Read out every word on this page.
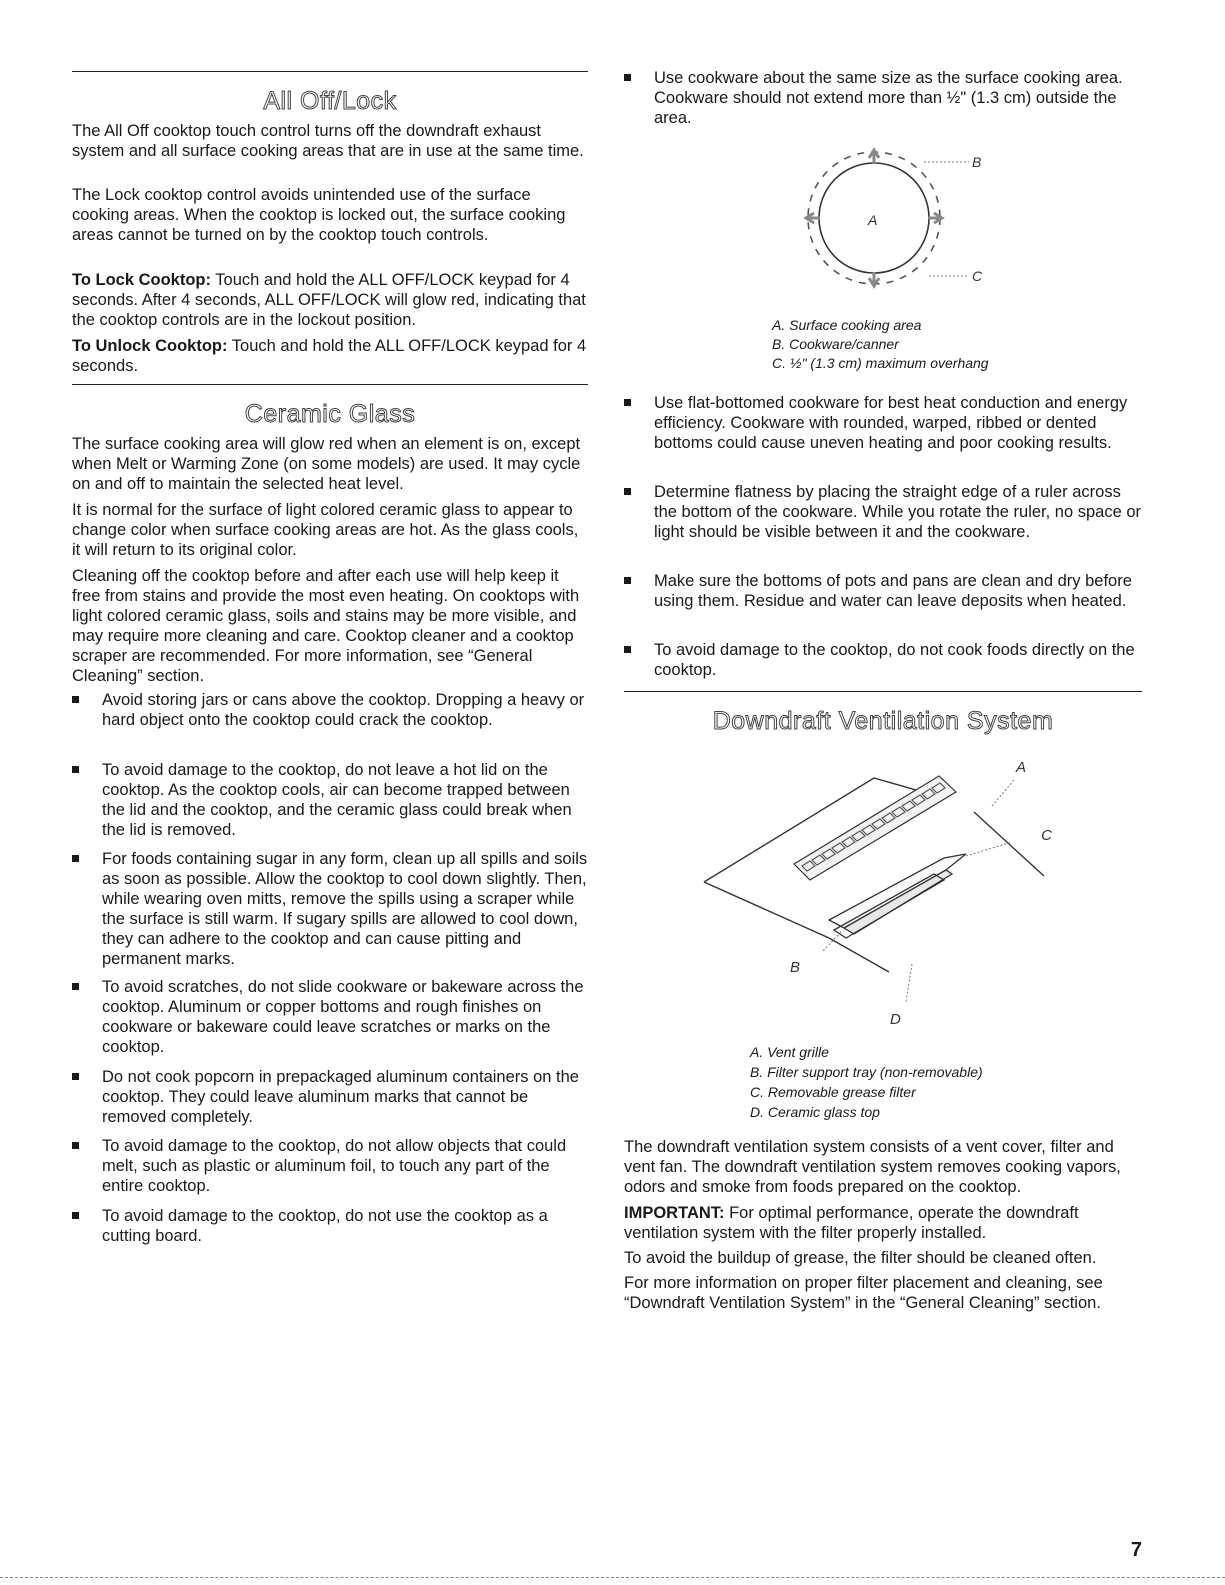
All Off/Lock

The All Off cooktop touch control turns off the downdraft exhaust system and all surface cooking areas that are in use at the same time.

The Lock cooktop control avoids unintended use of the surface cooking areas. When the cooktop is locked out, the surface cooking areas cannot be turned on by the cooktop touch controls.

To Lock Cooktop: Touch and hold the ALL OFF/LOCK keypad for 4 seconds. After 4 seconds, ALL OFF/LOCK will glow red, indicating that the cooktop controls are in the lockout position.

To Unlock Cooktop: Touch and hold the ALL OFF/LOCK keypad for 4 seconds.

Ceramic Glass

The surface cooking area will glow red when an element is on, except when Melt or Warming Zone (on some models) are used. It may cycle on and off to maintain the selected heat level.

It is normal for the surface of light colored ceramic glass to appear to change color when surface cooking areas are hot. As the glass cools, it will return to its original color.

Cleaning off the cooktop before and after each use will help keep it free from stains and provide the most even heating. On cooktops with light colored ceramic glass, soils and stains may be more visible, and may require more cleaning and care. Cooktop cleaner and a cooktop scraper are recommended. For more information, see “General Cleaning” section.

Avoid storing jars or cans above the cooktop. Dropping a heavy or hard object onto the cooktop could crack the cooktop.
To avoid damage to the cooktop, do not leave a hot lid on the cooktop. As the cooktop cools, air can become trapped between the lid and the cooktop, and the ceramic glass could break when the lid is removed.
For foods containing sugar in any form, clean up all spills and soils as soon as possible. Allow the cooktop to cool down slightly. Then, while wearing oven mitts, remove the spills using a scraper while the surface is still warm. If sugary spills are allowed to cool down, they can adhere to the cooktop and can cause pitting and permanent marks.
To avoid scratches, do not slide cookware or bakeware across the cooktop. Aluminum or copper bottoms and rough finishes on cookware or bakeware could leave scratches or marks on the cooktop.
Do not cook popcorn in prepackaged aluminum containers on the cooktop. They could leave aluminum marks that cannot be removed completely.
To avoid damage to the cooktop, do not allow objects that could melt, such as plastic or aluminum foil, to touch any part of the entire cooktop.
To avoid damage to the cooktop, do not use the cooktop as a cutting board.
Use cookware about the same size as the surface cooking area. Cookware should not extend more than ½" (1.3 cm) outside the area.
A
B
C
A. Surface cooking area
B. Cookware/canner
C. ½" (1.3 cm) maximum overhang
Use flat-bottomed cookware for best heat conduction and energy efficiency. Cookware with rounded, warped, ribbed or dented bottoms could cause uneven heating and poor cooking results.
Determine flatness by placing the straight edge of a ruler across the bottom of the cookware. While you rotate the ruler, no space or light should be visible between it and the cookware.
Make sure the bottoms of pots and pans are clean and dry before using them. Residue and water can leave deposits when heated.
To avoid damage to the cooktop, do not cook foods directly on the cooktop.
Downdraft Ventilation System
A
B
C
D
A. Vent grille
B. Filter support tray (non-removable)
C. Removable grease filter
D. Ceramic glass top

The downdraft ventilation system consists of a vent cover, filter and vent fan. The downdraft ventilation system removes cooking vapors, odors and smoke from foods prepared on the cooktop.

IMPORTANT: For optimal performance, operate the downdraft ventilation system with the filter properly installed.

To avoid the buildup of grease, the filter should be cleaned often.

For more information on proper filter placement and cleaning, see “Downdraft Ventilation System” in the “General Cleaning” section.

7
